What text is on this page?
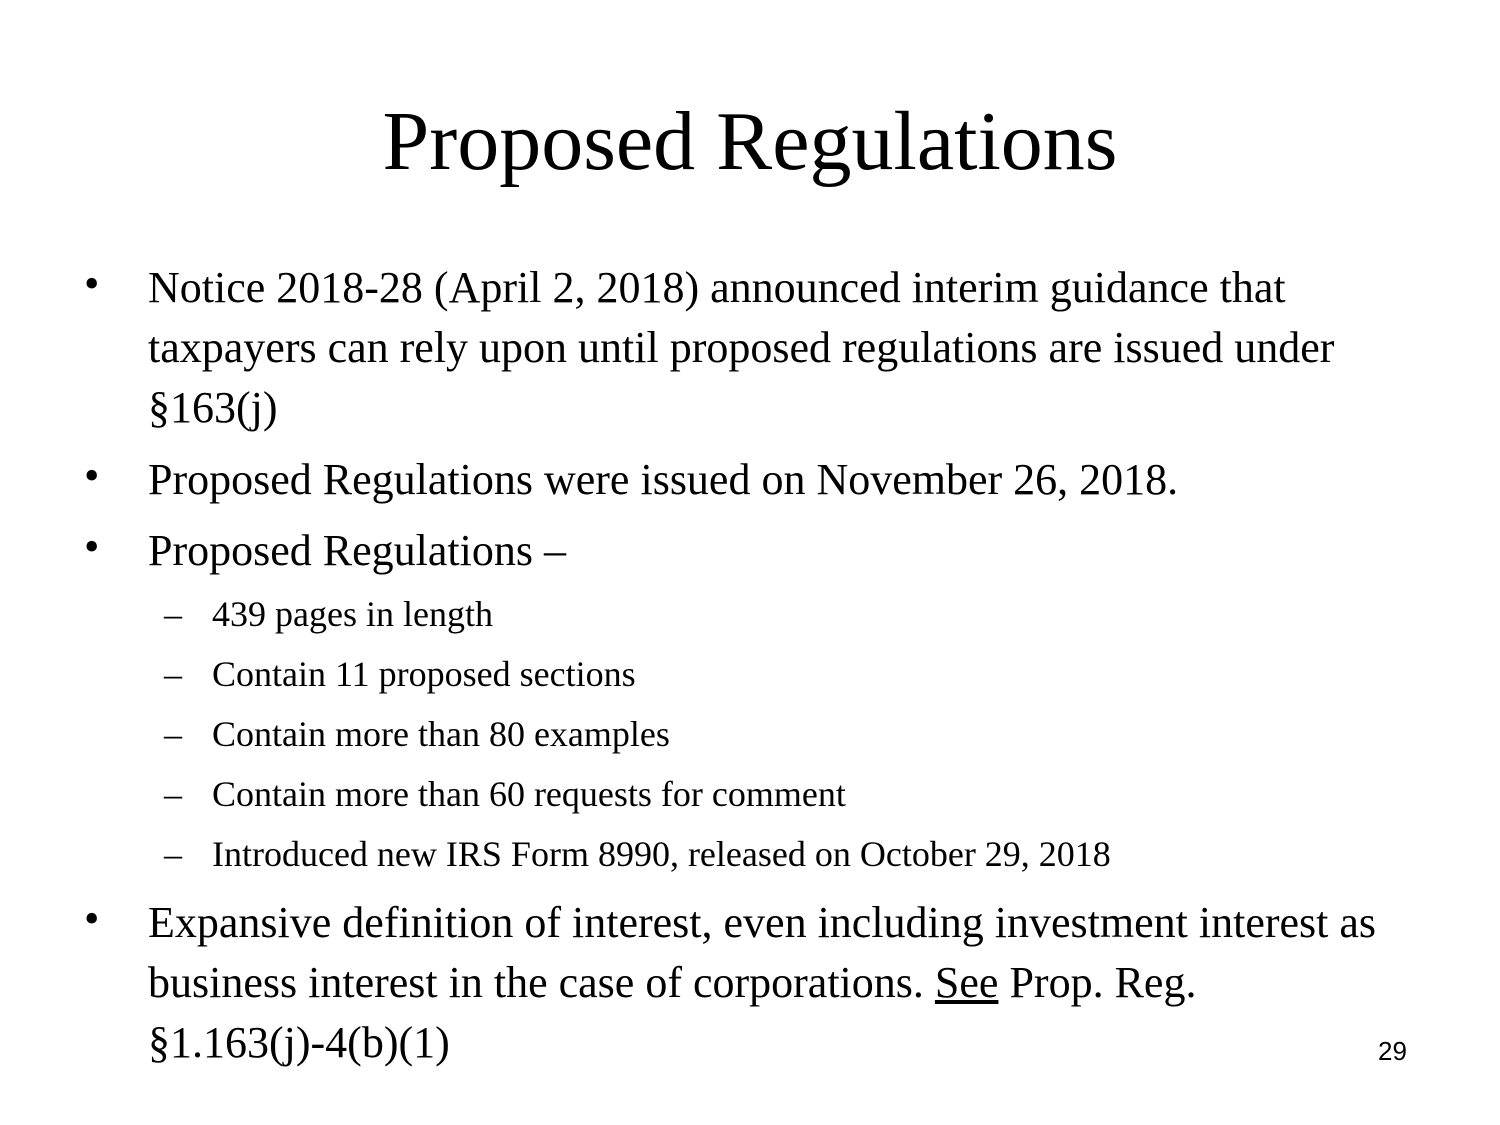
Proposed Regulations
• Notice 2018-28 (April 2, 2018) announced interim guidance that taxpayers can rely upon until proposed regulations are issued under §163(j)
• Proposed Regulations were issued on November 26, 2018.
• Proposed Regulations –
– 439 pages in length
– Contain 11 proposed sections
– Contain more than 80 examples
– Contain more than 60 requests for comment
– Introduced new IRS Form 8990, released on October 29, 2018
• Expansive definition of interest, even including investment interest as business interest in the case of corporations. See Prop. Reg. §1.163(j)-4(b)(1)	29
